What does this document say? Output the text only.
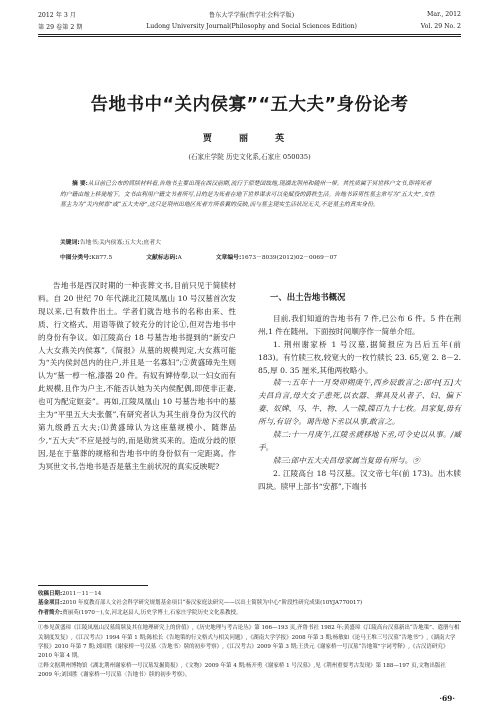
2012 年 3 月	鲁东大学学报(哲学社会科学版)	Mar., 2012
第 29 卷第 2 期	Ludong University Journal(Philosophy and Social Sciences Edition)	Vol. 29 No. 2
告地书中“关内侯寡”“五大夫”身份论考
贾 丽 英
(石家庄学院 历史文化系,石家庄 050035)
摘 要:从目前已公布的简牍材料看,告地书主要出现在西汉前期,流行于原楚国故地,现湖北荆州和随州一带。其性质属于冥世移户文书,即将死者的户籍由地上移徙地下。文书由利用户籍文书者所写,目的是为死者在地下世界谋求可以免赋役的爵秩生活。告地书诉男性墓主常写为“五大夫”,女性墓主为为“关内侯寡”或“五大夫母”,这只是荆州出地区死者方所希冀的反映,而与墓主现实生活状况无关,不是墓主的真实身份。
关键词:告地书;关内侯寡;五大夫;庶者大
中图分类号:K877.5	文献标志码:A	文章编号:1673－8039(2012)02－0069－07

告地书是西汉时期的一种丧葬文书,目前只见于简牍材料。自 20 世纪 70 年代湖北江陵凤凰山 10 号汉墓首次发现以来,已有数件出土。学者们就告地书的名称由来、性质、行文格式、用语等做了较充分的讨论①,但对告地书中的身份有争议。如江陵高台 18 号墓告地书提到的“新安户人大女燕关内侯寡”,《简报》从墓的规模判定,大女燕可能为“关内侯封邑内的住户,并且是一名寡妇”;②黄盛璋先生则认为“墓一椁一棺,漆器 20 件。有奴有婢侍奉,以一妇女而有此规模,且作为户主,不能否认她为关内侯配偶,即使非正妻,也可为配定妪妾”。再如,江陵凤凰山 10 号墓告地书中的墓主为“平里五大夫张偃”,有研究者认为其生前身份为汉代的第九级爵五大夫;⑴黄盛璋认为这座墓规模小、随葬品少,“五大夫”不应是授与的,而是勋赏买来的。造成分歧的原因,是在于墓葬的规格和告地书中的身份似有一定距离。作为冥世文书,告地书是否是墓主生前状况的真实反映呢?

一、出土告地书概况

目前,我们知道的告地书有 7 件,已公布 6 件。5 件在荆州,1 件在随州。下面按时间顺序作一简单介绍。

1. 荆州谢家桥 1 号汉墓,据简报应为吕后五年(前 183)。有竹牍三枚,较宽大的一枚竹牍长 23. 65,宽 2. 8－2. 85,厚 0. 35 厘米,其他两枚略小。

牍一:五年十一月癸卯朔庚午,西乡辰敢言之:郎中[五]大夫昌自言,母大女子恚死,以衣器、葬具及从者子、妇、偏下妻、奴婢、马、牛、物、人一牒,牒百九十七枚。昌家复,毋有所与,有诏令。谒告地下丞以从事,敢言之。

牍二:十一月庚午,江陵丞虒移地下丞,可令史以从事。/臧手。

牍三:郎中五大夫昌母家属当复毋有所与。⑨

2. 江陵高台 18 号汉墓。汉文帝七年(前 173)。出木牍四块。牍甲上部书“安都”,下端书

收稿日期:2011－11－14

基金项目:2010 年度教育部人文社会科学研究规划基金项目“秦汉家庭法研究——以出土简牍为中心”阶段性研究成果(10YJA770017)

作者简介:贾丽英(1970－),女,河北赵县人,历史学博士,石家庄学院历史文化系教授。

①参见黄盛璋《江陵凤凰山汉墓简牍及其在地理研究上的价值》,《历史地理与考古论丛》第 166—193 页,齐鲁书社 1982 年;黄盛璋《江陵高台汉墓新出“告地策”、遣册与相关制度发复》,《江汉考古》1994 年第 1 期;陈松长《告地策的行文格式与相关问题》,《湖南大学学报》2008 年第 3 期;杨敏如《论马王堆三号汉墓“告地书”》,《湖南大学学报》2010 年第 7 期;刘国胜《谢家桥一号汉墓〈告地书〉牍的初步考察》,《江汉考古》2009 年第 3 期;王贵元《谢家桥一号汉墓“告地策”字词考释》,《古汉语研究》2010 年第 4 期。

②释文据荆州博物馆《湖北荆州谢家桥一号汉墓发掘简报》,《文物》2009 年第 4 期;杨开勇《谢家桥 1 号汉墓》,见《荆州重要考古发现》第 188—197 页,文物出版社 2009 年;刘国胜《谢家桥一号汉墓〈告地书〉牍的初步考察》。

·69·
